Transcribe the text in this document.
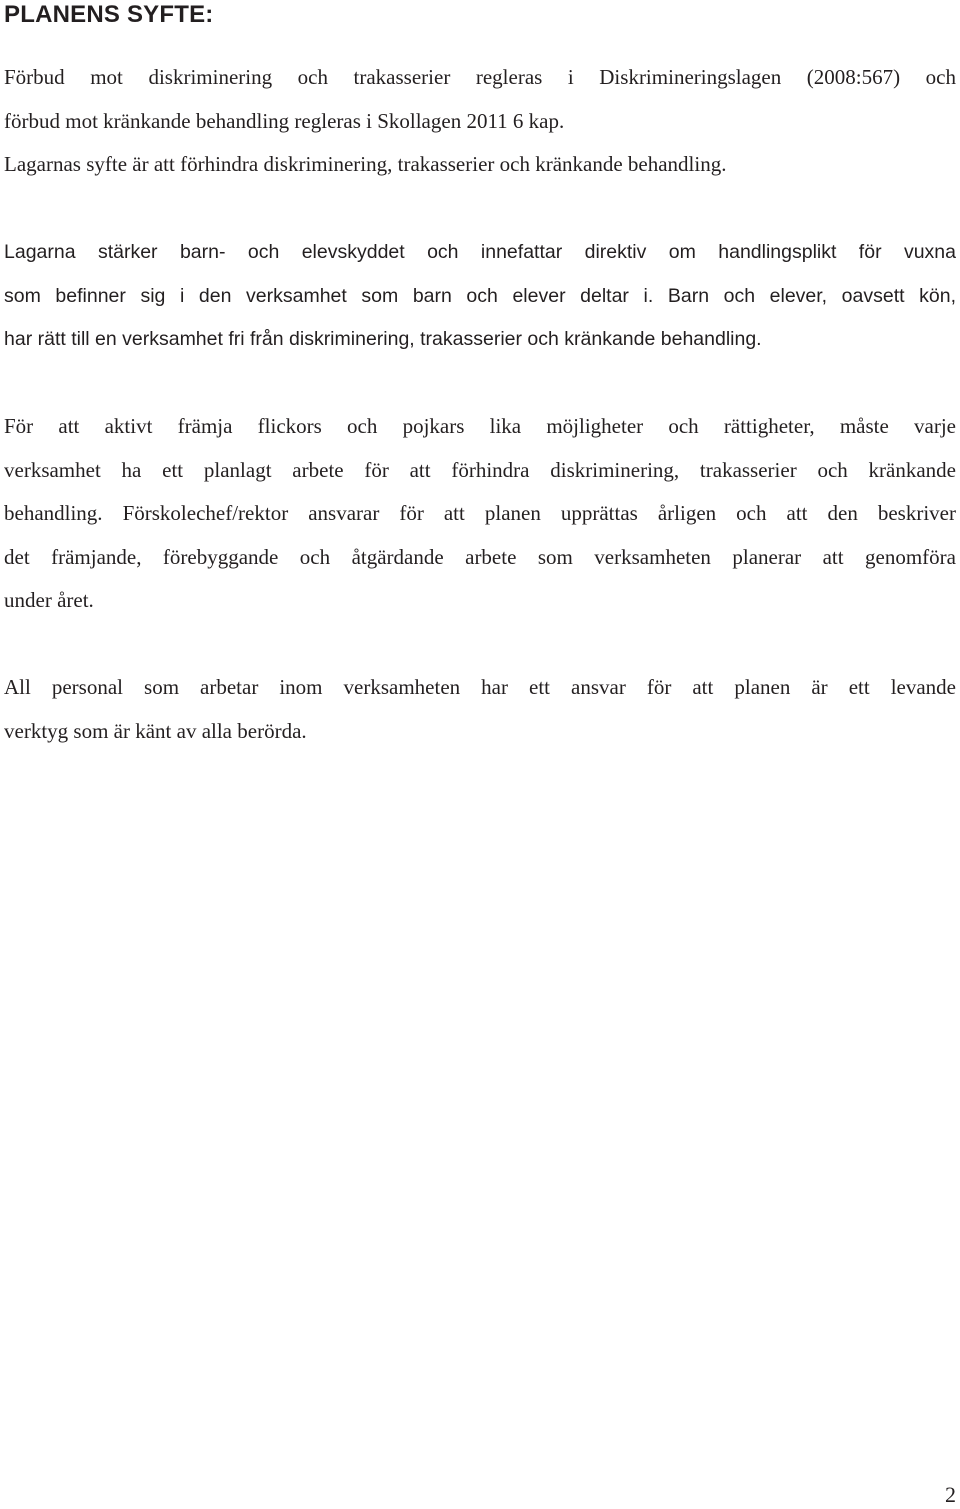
PLANENS SYFTE:
Förbud mot diskriminering och trakasserier regleras i Diskrimineringslagen (2008:567) och
förbud mot kränkande behandling regleras i Skollagen 2011 6 kap.
Lagarnas syfte är att förhindra diskriminering, trakasserier och kränkande behandling.
Lagarna stärker barn- och elevskyddet och innefattar direktiv om handlingsplikt för vuxna
som befinner sig i den verksamhet som barn och elever deltar i. Barn och elever, oavsett kön,
har rätt till en verksamhet fri från diskriminering, trakasserier och kränkande behandling.
För att aktivt främja flickors och pojkars lika möjligheter och rättigheter, måste varje
verksamhet ha ett planlagt arbete för att förhindra diskriminering, trakasserier och kränkande
behandling. Förskolechef/rektor ansvarar för att planen upprättas årligen och att den beskriver
det främjande, förebyggande och åtgärdande arbete som verksamheten planerar att genomföra
under året.
All personal som arbetar inom verksamheten har ett ansvar för att planen är ett levande
verktyg som är känt av alla berörda.
2
